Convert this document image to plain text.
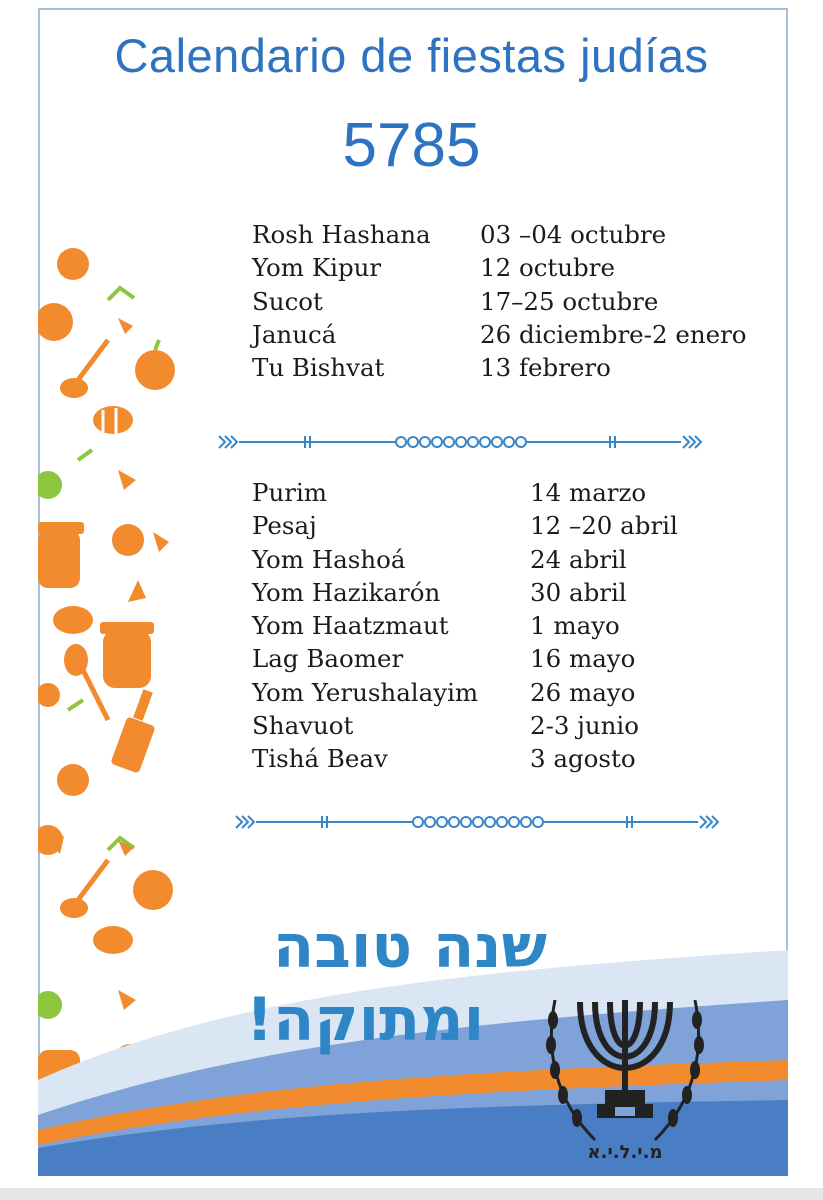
Calendario de fiestas judías
5785
Rosh Hashana	03 –04 octubre
Yom Kipur	12 octubre
Sucot	17–25 octubre
Janucá	26 diciembre-2 enero
Tu Bishvat	13 febrero
Purim	14 marzo
Pesaj	12 –20 abril
Yom Hashoá	24 abril
Yom Hazikarón	30 abril
Yom Haatzmaut	1 mayo
Lag Baomer	16 mayo
Yom Yerushalayim	26 mayo
Shavuot	2-3 junio
Tishá Beav	3 agosto
שנה טובה
ומתוקה!
מ.י.ל.י.א
